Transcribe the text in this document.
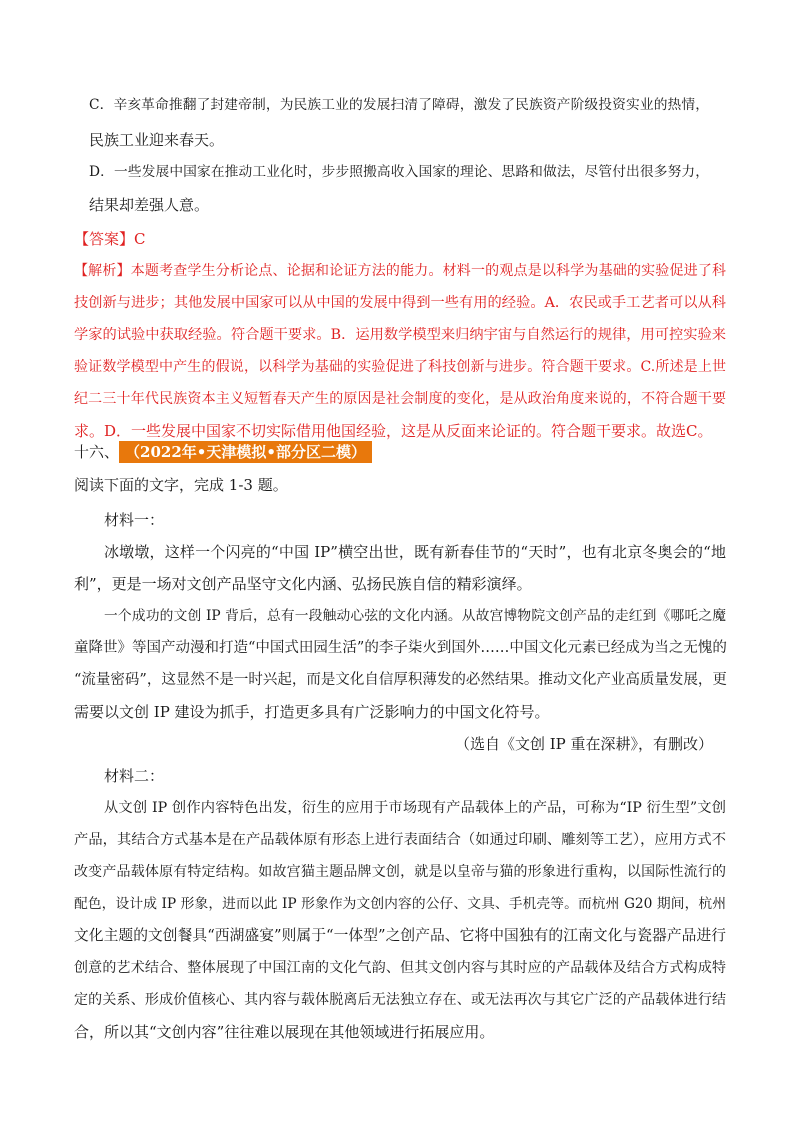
C．辛亥革命推翻了封建帝制，为民族工业的发展扫清了障碍，激发了民族资产阶级投资实业的热情，

民族工业迎来春天。

D．一些发展中国家在推动工业化时，步步照搬高收入国家的理论、思路和做法，尽管付出很多努力，

结果却差强人意。

【答案】C

【解析】本题考查学生分析论点、论据和论证方法的能力。材料一的观点是以科学为基础的实验促进了科

技创新与进步；其他发展中国家可以从中国的发展中得到一些有用的经验。A．农民或手工艺者可以从科

学家的试验中获取经验。符合题干要求。B．运用数学模型来归纳宇宙与自然运行的规律，用可控实验来

验证数学模型中产生的假说，以科学为基础的实验促进了科技创新与进步。符合题干要求。C.所述是上世

纪二三十年代民族资本主义短暂春天产生的原因是社会制度的变化，是从政治角度来说的，不符合题干要

求。D．一些发展中国家不切实际借用他国经验，这是从反面来论证的。符合题干要求。故选C。

十六、 （2022年•天津模拟•部分区二模）

阅读下面的文字，完成 1-3 题。

材料一：

冰墩墩，这样一个闪亮的“中国 IP”横空出世，既有新春佳节的“天时”，也有北京冬奥会的“地

利”，更是一场对文创产品坚守文化内涵、弘扬民族自信的精彩演绎。

一个成功的文创 IP 背后，总有一段触动心弦的文化内涵。从故宫博物院文创产品的走红到《哪吒之魔

童降世》等国产动漫和打造“中国式田园生活”的李子柒火到国外……中国文化元素已经成为当之无愧的

“流量密码”，这显然不是一时兴起，而是文化自信厚积薄发的必然结果。推动文化产业高质量发展，更

需要以文创 IP 建设为抓手，打造更多具有广泛影响力的中国文化符号。

（选自《文创 IP 重在深耕》，有删改）

材料二：

从文创 IP 创作内容特色出发，衍生的应用于市场现有产品载体上的产品，可称为“IP 衍生型”文创

产品，其结合方式基本是在产品载体原有形态上进行表面结合（如通过印刷、雕刻等工艺），应用方式不

改变产品载体原有特定结构。如故宫猫主题品牌文创，就是以皇帝与猫的形象进行重构，以国际性流行的

配色，设计成 IP 形象，进而以此 IP 形象作为文创内容的公仔、文具、手机壳等。而杭州 G20 期间，杭州

文化主题的文创餐具“西湖盛宴”则属于“一体型”之创产品、它将中国独有的江南文化与瓷器产品进行

创意的艺术结合、整体展现了中国江南的文化气韵、但其文创内容与其时应的产品载体及结合方式构成特

定的关系、形成价值核心、其内容与载体脱离后无法独立存在、或无法再次与其它广泛的产品载体进行结

合，所以其“文创内容”往往难以展现在其他领域进行拓展应用。
